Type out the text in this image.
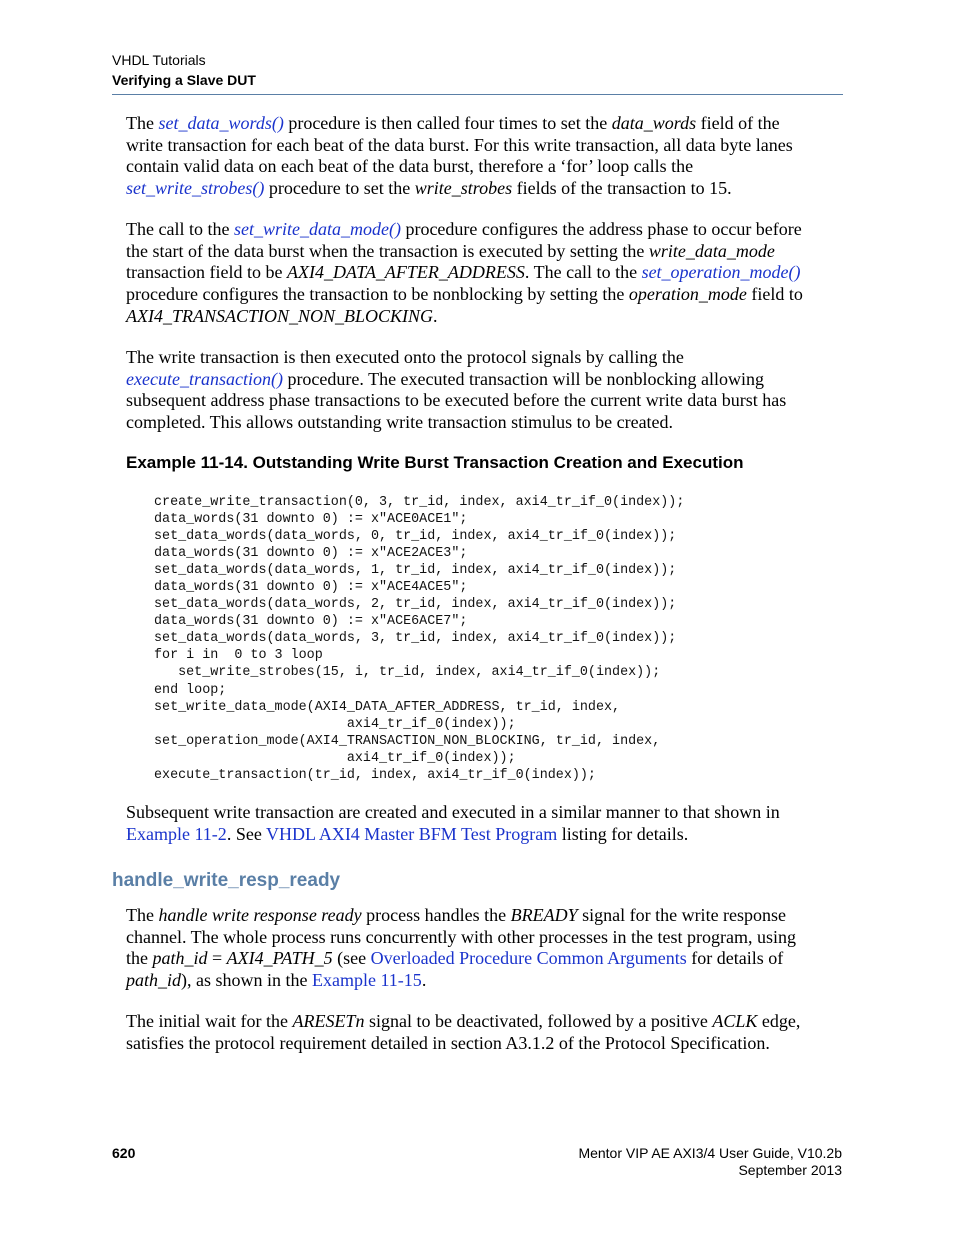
VHDL Tutorials
Verifying a Slave DUT

The set_data_words() procedure is then called four times to set the data_words field of the
write transaction for each beat of the data burst. For this write transaction, all data byte lanes
contain valid data on each beat of the data burst, therefore a ‘for’ loop calls the
set_write_strobes() procedure to set the write_strobes fields of the transaction to 15.

The call to the set_write_data_mode() procedure configures the address phase to occur before
the start of the data burst when the transaction is executed by setting the write_data_mode
transaction field to be AXI4_DATA_AFTER_ADDRESS. The call to the set_operation_mode()
procedure configures the transaction to be nonblocking by setting the operation_mode field to
AXI4_TRANSACTION_NON_BLOCKING.

The write transaction is then executed onto the protocol signals by calling the
execute_transaction() procedure. The executed transaction will be nonblocking allowing
subsequent address phase transactions to be executed before the current write data burst has
completed. This allows outstanding write transaction stimulus to be created.

Example 11-14. Outstanding Write Burst Transaction Creation and Execution
create_write_transaction(0, 3, tr_id, index, axi4_tr_if_0(index));
data_words(31 downto 0) := x"ACE0ACE1";
set_data_words(data_words, 0, tr_id, index, axi4_tr_if_0(index));
data_words(31 downto 0) := x"ACE2ACE3";
set_data_words(data_words, 1, tr_id, index, axi4_tr_if_0(index));
data_words(31 downto 0) := x"ACE4ACE5";
set_data_words(data_words, 2, tr_id, index, axi4_tr_if_0(index));
data_words(31 downto 0) := x"ACE6ACE7";
set_data_words(data_words, 3, tr_id, index, axi4_tr_if_0(index));
for i in  0 to 3 loop
set_write_strobes(15, i, tr_id, index, axi4_tr_if_0(index));
end loop;
set_write_data_mode(AXI4_DATA_AFTER_ADDRESS, tr_id, index,
axi4_tr_if_0(index));
set_operation_mode(AXI4_TRANSACTION_NON_BLOCKING, tr_id, index,
axi4_tr_if_0(index));
execute_transaction(tr_id, index, axi4_tr_if_0(index));

Subsequent write transaction are created and executed in a similar manner to that shown in
Example 11-2. See VHDL AXI4 Master BFM Test Program listing for details.

handle_write_resp_ready

The handle write response ready process handles the BREADY signal for the write response
channel. The whole process runs concurrently with other processes in the test program, using
the path_id = AXI4_PATH_5 (see Overloaded Procedure Common Arguments for details of
path_id), as shown in the Example 11-15.

The initial wait for the ARESETn signal to be deactivated, followed by a positive ACLK edge,
satisfies the protocol requirement detailed in section A3.1.2 of the Protocol Specification.

620	Mentor VIP AE AXI3/4 User Guide, V10.2b
September 2013
